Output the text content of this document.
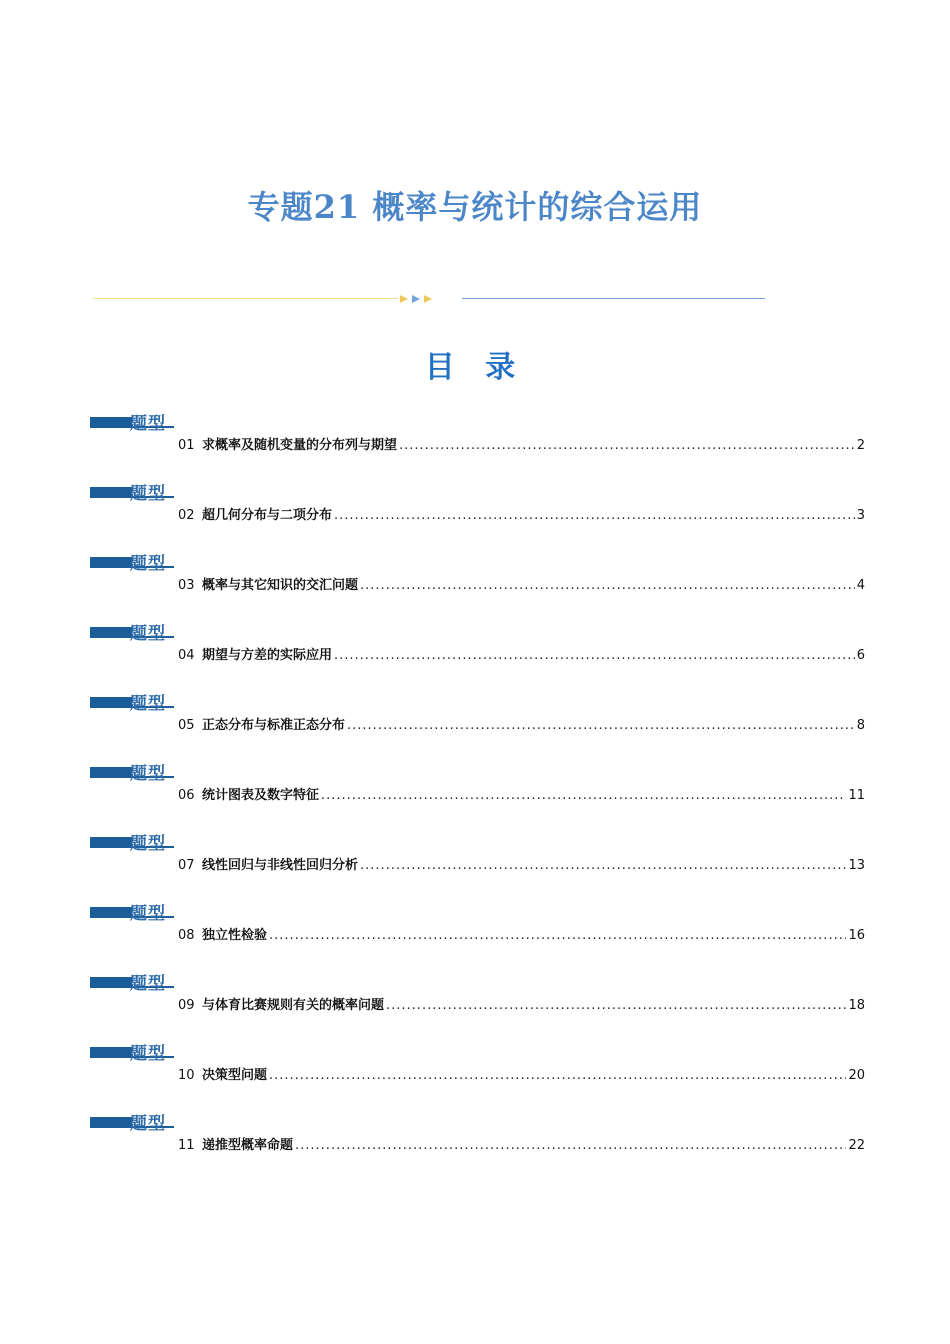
专题21 概率与统计的综合运用
目 录
题型
01 求概率及随机变量的分布列与期望 .....	2
题型
02 超几何分布与二项分布 .....	3
题型
03 概率与其它知识的交汇问题 .....	4
题型
04 期望与方差的实际应用 .....	6
题型
05 正态分布与标准正态分布 .....	8
题型
06 统计图表及数字特征 .....	11
题型
07 线性回归与非线性回归分析 .....	13
题型
08 独立性检验 .....	16
题型
09 与体育比赛规则有关的概率问题 .....	18
题型
10 决策型问题 .....	20
题型
11 递推型概率命题 .....	22
